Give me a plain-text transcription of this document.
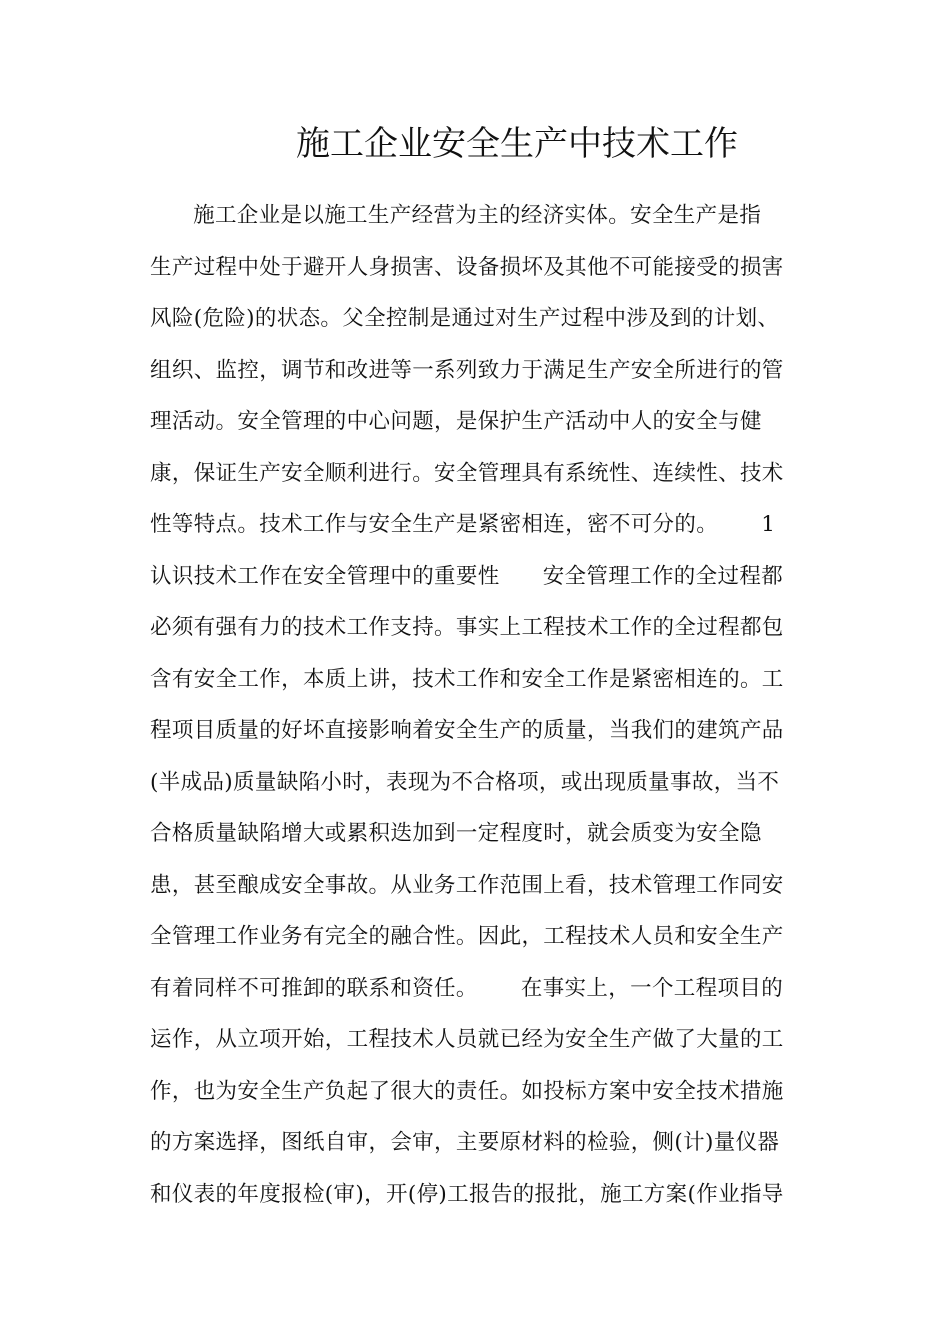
施工企业安全生产中技术工作
施工企业是以施工生产经营为主的经济实体。安全生产是指
生产过程中处于避开人身损害、设备损坏及其他不可能接受的损害
风险(危险)的状态。父全控制是通过对生产过程中涉及到的计划、
组织、监控，调节和改进等一系列致力于满足生产安全所进行的管
理活动。安全管理的中心问题，是保护生产活动中人的安全与健
康，保证生产安全顺利进行。安全管理具有系统性、连续性、技术
性等特点。技术工作与安全生产是紧密相连，密不可分的。      1
认识技术工作在安全管理中的重要性      安全管理工作的全过程都
必须有强有力的技术工作支持。事实上工程技术工作的全过程都包
含有安全工作，本质上讲，技术工作和安全工作是紧密相连的。工
程项目质量的好坏直接影响着安全生产的质量，当我们的建筑产品
(半成品)质量缺陷小时，表现为不合格项，或出现质量事故，当不
合格质量缺陷增大或累积迭加到一定程度时，就会质变为安全隐
患，甚至酿成安全事故。从业务工作范围上看，技术管理工作同安
全管理工作业务有完全的融合性。因此，工程技术人员和安全生产
有着同样不可推卸的联系和资任。      在事实上，一个工程项目的
运作，从立项开始，工程技术人员就已经为安全生产做了大量的工
作，也为安全生产负起了很大的责任。如投标方案中安全技术措施
的方案选择，图纸自审，会审，主要原材料的检验，侧(计)量仪器
和仪表的年度报检(审)，开(停)工报告的报批，施工方案(作业指导
